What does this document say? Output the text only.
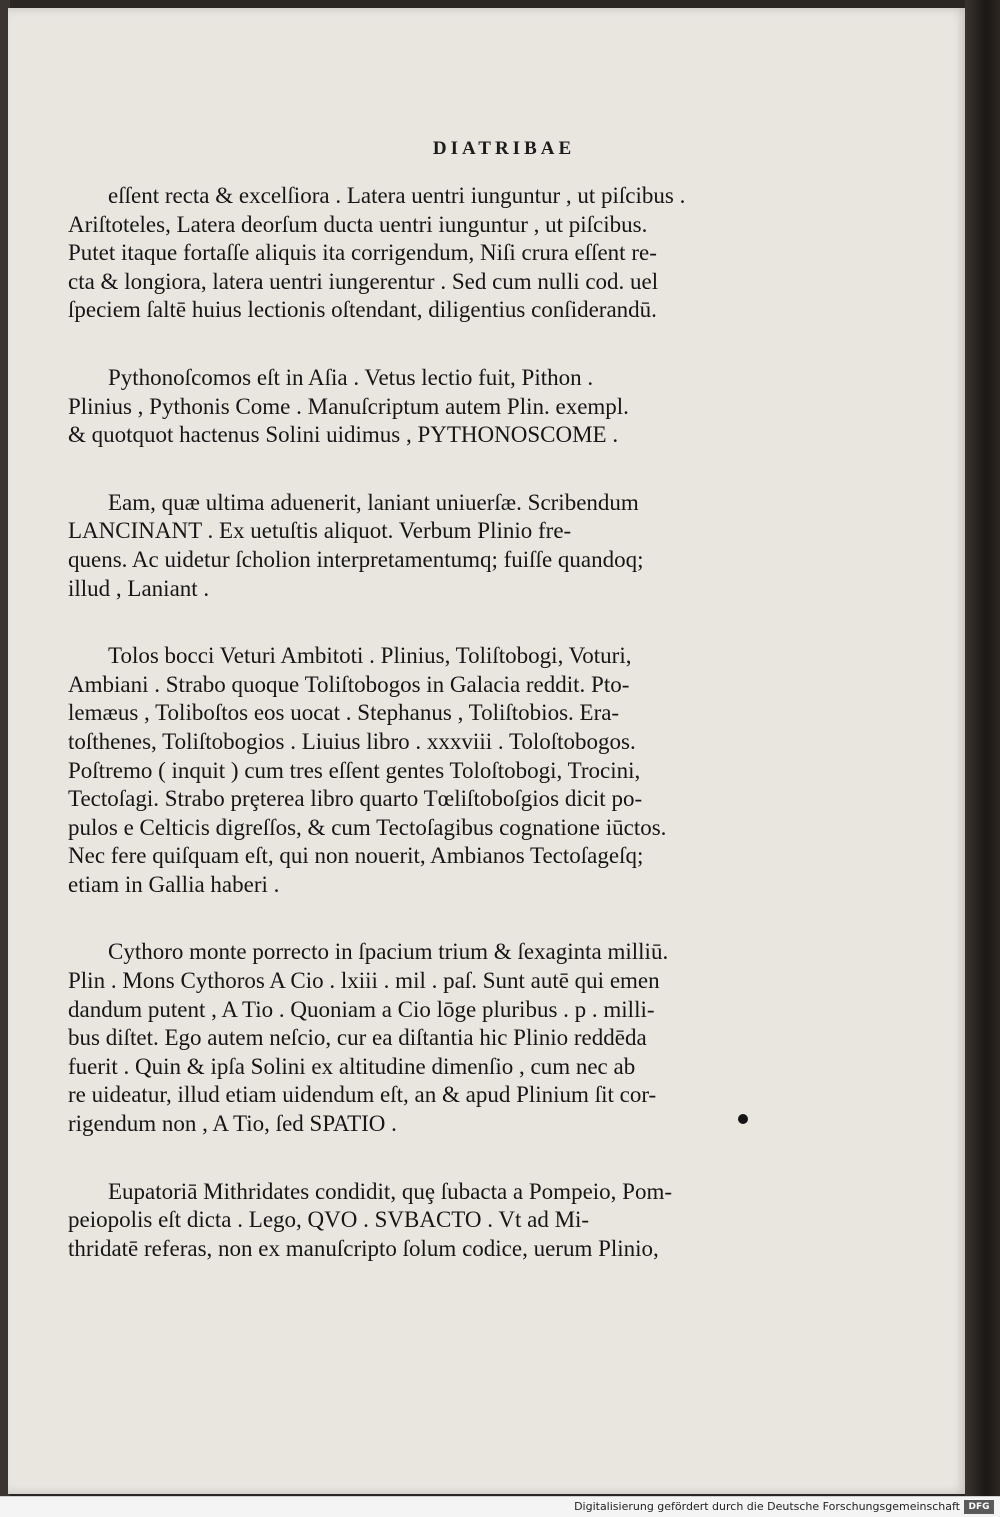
DIATRIBAE
eſſent recta & excelſiora . Latera uentri iunguntur , ut piſcibus .
Ariſtoteles, Latera deorſum ducta uentri iunguntur , ut piſcibus.
Putet itaque fortaſſe aliquis ita corrigendum, Niſi crura eſſent re-
cta & longiora, latera uentri iungerentur . Sed cum nulli cod. uel
ſpeciem ſaltē huius lectionis oſtendant, diligentius conſiderandū.
Pythonoſcomos eſt in Aſia . Vetus lectio fuit, Pithon .
Plinius , Pythonis Come . Manuſcriptum autem Plin. exempl.
& quotquot hactenus Solini uidimus , PYTHONOSCOME .
Eam, quæ ultima aduenerit, laniant uniuerſæ. Scribendum
LANCINANT . Ex uetuſtis aliquot. Verbum Plinio fre-
quens. Ac uidetur ſcholion interpretamentumq; fuiſſe quandoq;
illud , Laniant .
Tolos bocci Veturi Ambitoti . Plinius, Toliſtobogi, Voturi,
Ambiani . Strabo quoque Toliſtobogos in Galacia reddit. Pto-
lemæus , Toliboſtos eos uocat . Stephanus , Toliſtobios. Era-
toſthenes, Toliſtobogios . Liuius libro . xxxviii . Toloſtobogos.
Poſtremo ( inquit ) cum tres eſſent gentes Toloſtobogi, Trocini,
Tectoſagi. Strabo prȩterea libro quarto Tœliſtoboſgios dicit po-
pulos e Celticis digreſſos, & cum Tectoſagibus cognatione iūctos.
Nec fere quiſquam eſt, qui non nouerit, Ambianos Tectoſageſq;
etiam in Gallia haberi .
Cythoro monte porrecto in ſpacium trium & ſexaginta milliū.
Plin . Mons Cythoros A Cio . lxiii . mil . paſ. Sunt autē qui emen
dandum putent , A Tio . Quoniam a Cio lōge pluribus . p . milli-
bus diſtet. Ego autem neſcio, cur ea diſtantia hic Plinio reddēda
fuerit . Quin & ipſa Solini ex altitudine dimenſio , cum nec ab
re uideatur, illud etiam uidendum eſt, an & apud Plinium ſit cor-
rigendum non , A Tio, ſed SPATIO .
Eupatoriā Mithridates condidit, quȩ ſubacta a Pompeio, Pom-
peiopolis eſt dicta . Lego, QVO . SVBACTO . Vt ad Mi-
thridatē referas, non ex manuſcripto ſolum codice, uerum Plinio,
Digitalisierung gefördert durch die Deutsche Forschungsgemeinschaft DFG
